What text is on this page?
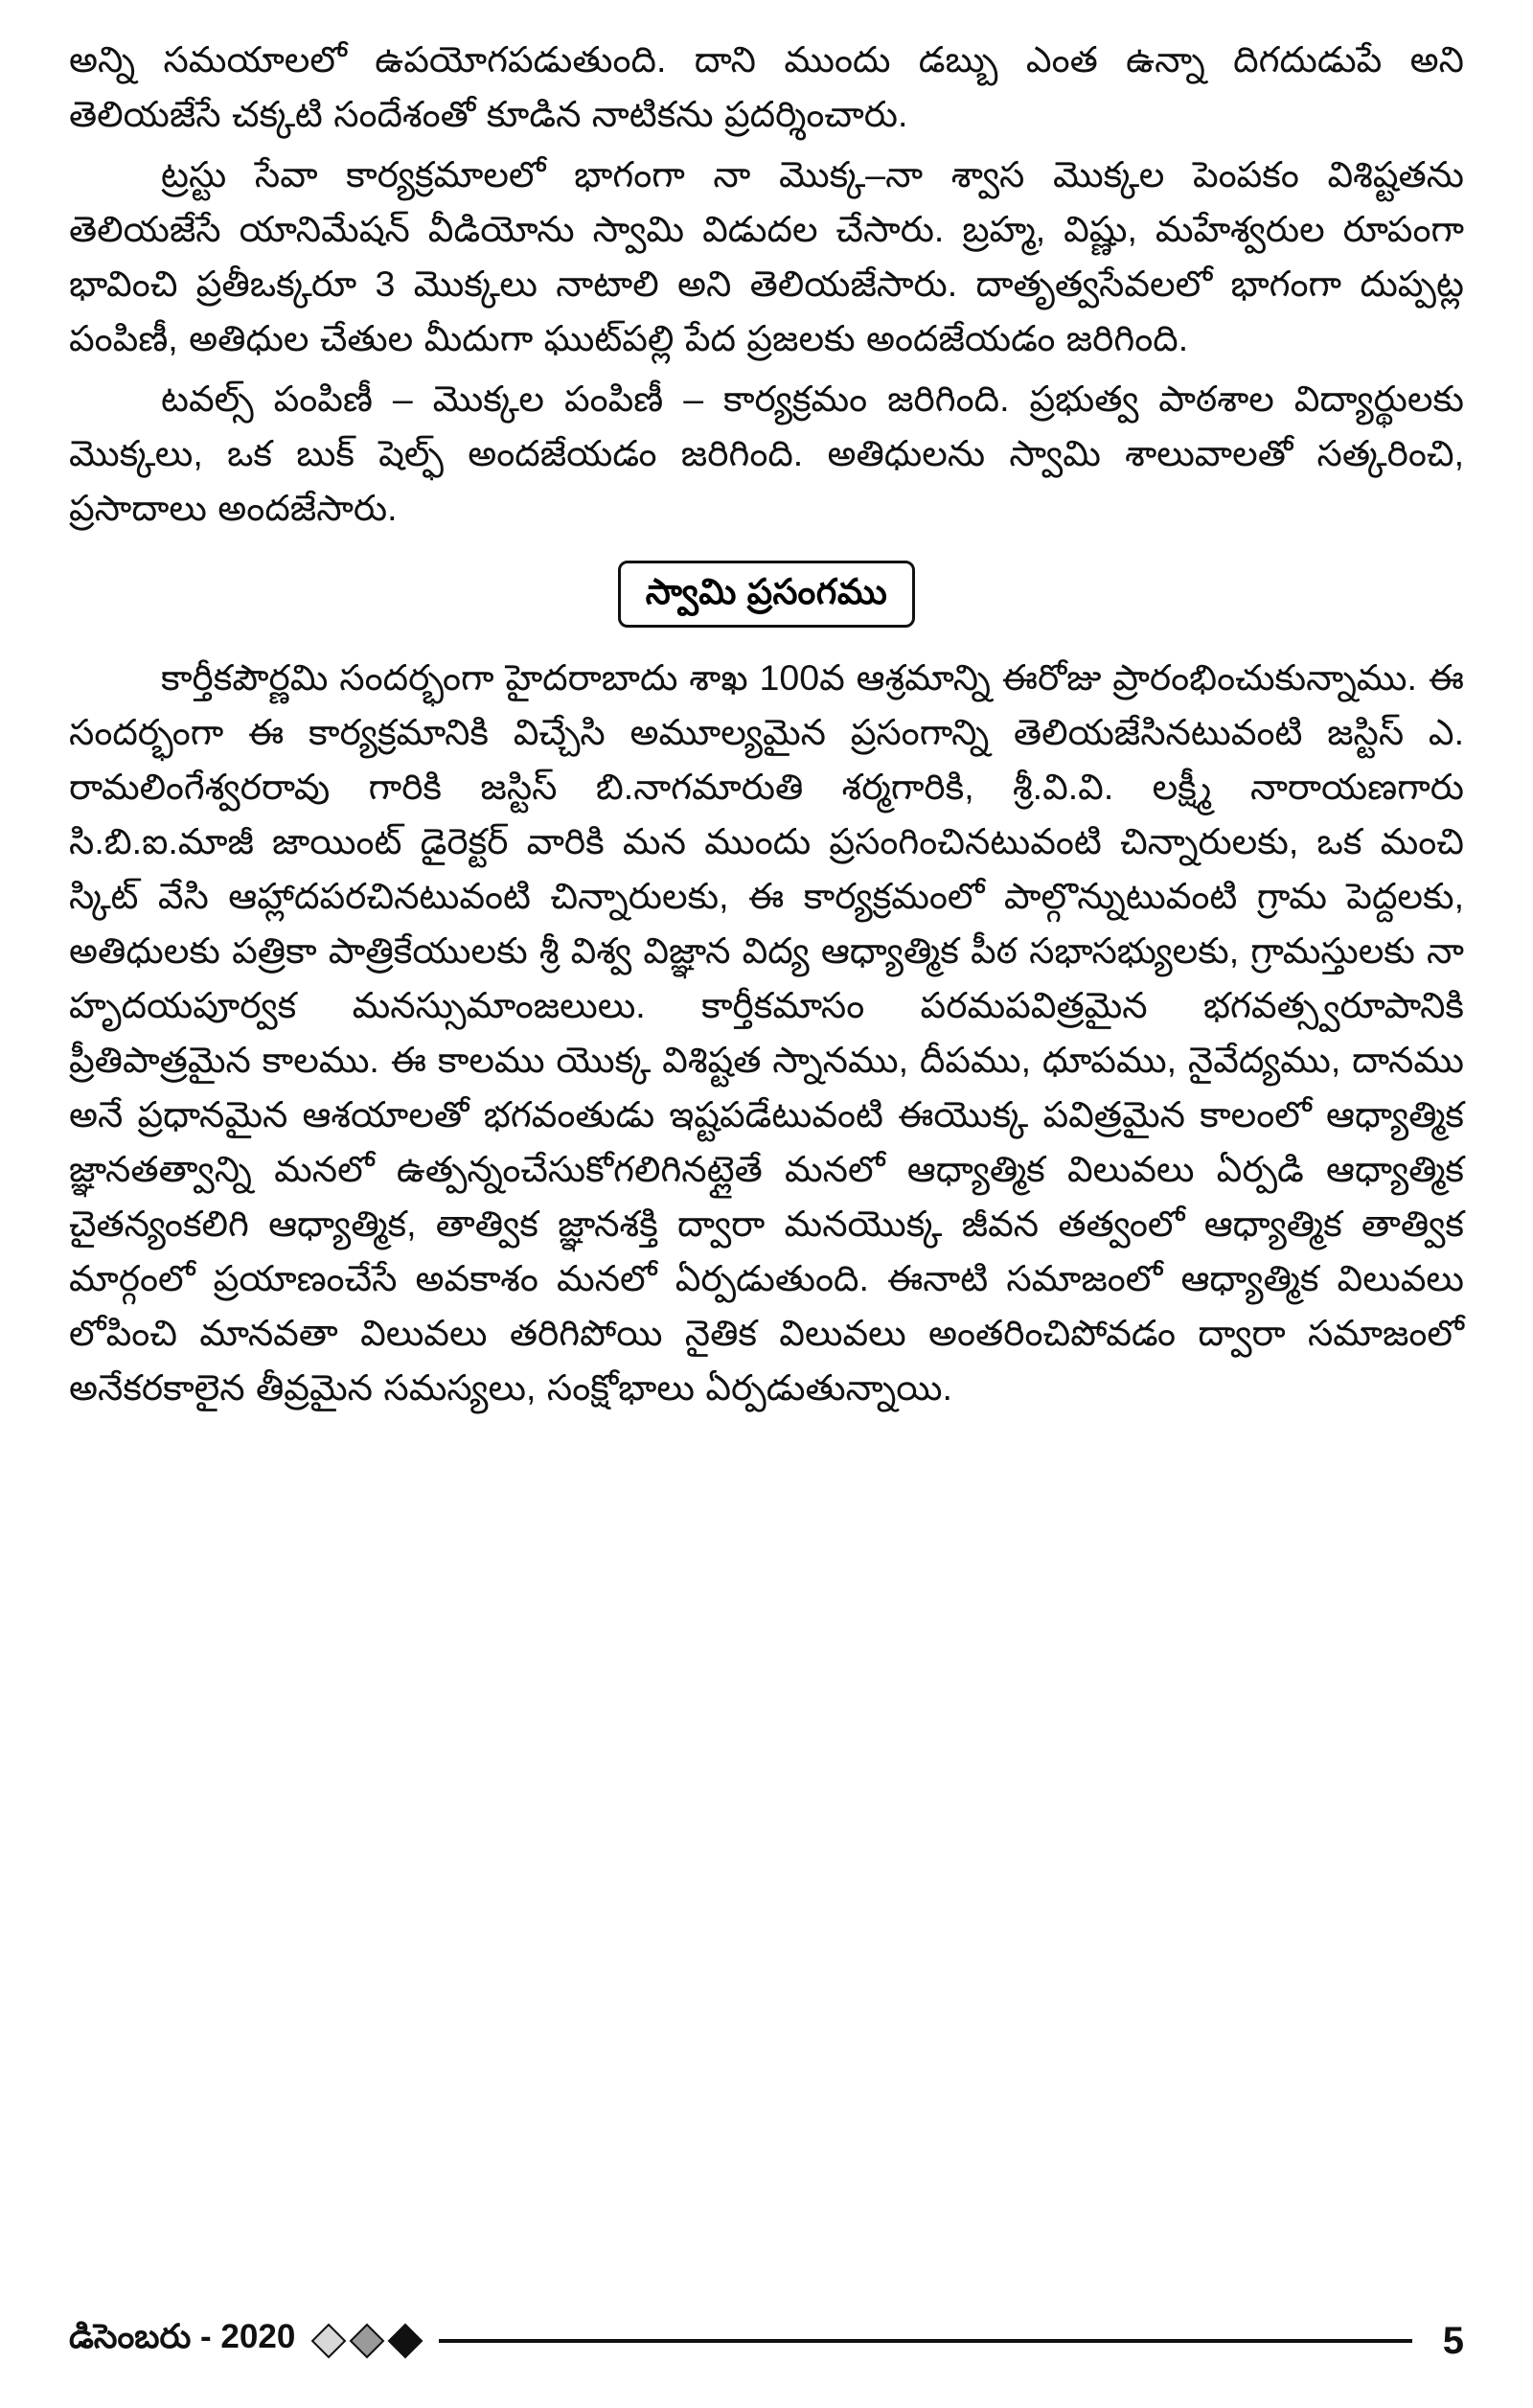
అన్ని సమయాలలో ఉపయోగపడుతుంది. దాని ముందు డబ్బు ఎంత ఉన్నా దిగదుడుపే అని తెలియజేసే చక్కటి సందేశంతో కూడిన నాటికను ప్రదర్శించారు.

ట్రస్టు సేవా కార్యక్రమాలలో భాగంగా నా మొక్క–నా శ్వాస మొక్కల పెంపకం విశిష్టతను తెలియజేసే యానిమేషన్ వీడియోను స్వామి విడుదల చేసారు. బ్రహ్మ, విష్ణు, మహేశ్వరుల రూపంగా భావించి ప్రతీఒక్కరూ 3 మొక్కలు నాటాలి అని తెలియజేసారు. దాతృత్వసేవలలో భాగంగా దుప్పట్ల పంపిణీ, అతిధుల చేతుల మీదుగా ఘుట్‌పల్లి పేద ప్రజలకు అందజేయడం జరిగింది.

టవల్స్ పంపిణీ – మొక్కల పంపిణీ – కార్యక్రమం జరిగింది. ప్రభుత్వ పాఠశాల విద్యార్థులకు మొక్కలు, ఒక బుక్ షెల్ఫ్ అందజేయడం జరిగింది. అతిధులను స్వామి శాలువాలతో సత్కరించి, ప్రసాదాలు అందజేసారు.

స్వామి ప్రసంగము

కార్తీకపౌర్ణమి సందర్భంగా హైదరాబాదు శాఖ 100వ ఆశ్రమాన్ని ఈరోజు ప్రారంభించుకున్నాము. ఈ సందర్భంగా ఈ కార్యక్రమానికి విచ్చేసి అమూల్యమైన ప్రసంగాన్ని తెలియజేసినటువంటి జస్టిస్ ఎ. రామలింగేశ్వరరావు గారికి జస్టిస్ బి.నాగమారుతి శర్మగారికి, శ్రీ.వి.వి. లక్ష్మీ నారాయణగారు సి.బి.ఐ.మాజీ జాయింట్ డైరెక్టర్ వారికి మన ముందు ప్రసంగించినటువంటి చిన్నారులకు, ఒక మంచి స్కిట్ వేసి ఆహ్లాదపరచినటువంటి చిన్నారులకు, ఈ కార్యక్రమంలో పాల్గొన్నుటువంటి గ్రామ పెద్దలకు, అతిధులకు పత్రికా పాత్రికేయులకు శ్రీ విశ్వ విజ్ఞాన విద్య ఆధ్యాత్మిక పీఠ సభాసభ్యులకు, గ్రామస్తులకు నా హృదయపూర్వక మనస్సుమాంజలులు. కార్తీకమాసం పరమపవిత్రమైన భగవత్స్వరూపానికి ప్రీతిపాత్రమైన కాలము. ఈ కాలము యొక్క విశిష్టత స్నానము, దీపము, ధూపము, నైవేద్యము, దానము అనే ప్రధానమైన ఆశయాలతో భగవంతుడు ఇష్టపడేటువంటి ఈయొక్క పవిత్రమైన కాలంలో ఆధ్యాత్మిక జ్ఞానతత్వాన్ని మనలో ఉత్పన్నంచేసుకోగలిగినట్లైతే మనలో ఆధ్యాత్మిక విలువలు ఏర్పడి ఆధ్యాత్మిక చైతన్యంకలిగి ఆధ్యాత్మిక, తాత్విక జ్ఞానశక్తి ద్వారా మనయొక్క జీవన తత్వంలో ఆధ్యాత్మిక తాత్విక మార్గంలో ప్రయాణంచేసే అవకాశం మనలో ఏర్పడుతుంది. ఈనాటి సమాజంలో ఆధ్యాత్మిక విలువలు లోపించి మానవతా విలువలు తరిగిపోయి నైతిక విలువలు అంతరించిపోవడం ద్వారా సమాజంలో అనేకరకాలైన తీవ్రమైన సమస్యలు, సంక్షోభాలు ఏర్పడుతున్నాయి.

డిసెంబరు - 2020	5
